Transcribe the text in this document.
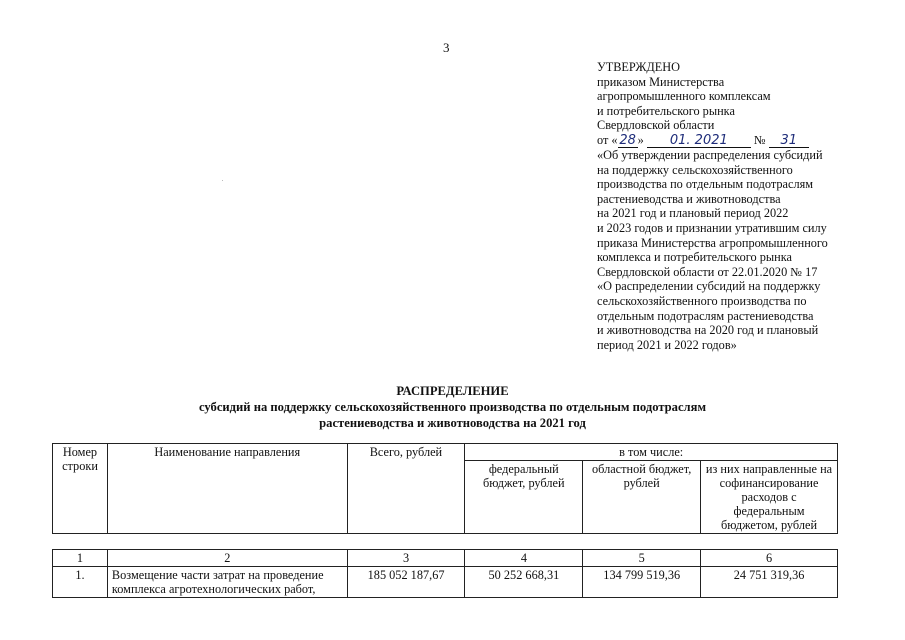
3
УТВЕРЖДЕНО
приказом Министерства
агропромышленного комплексам
и потребительского рынка
Свердловской области
от « 28 » 01. 2021 № 31
«Об утверждении распределения субсидий
на поддержку сельскохозяйственного
производства по отдельным подотраслям
растениеводства и животноводства
на 2021 год и плановый период 2022
и 2023 годов и признании утратившим силу
приказа Министерства агропромышленного
комплекса и потребительского рынка
Свердловской области от 22.01.2020 № 17
«О распределении субсидий на поддержку
сельскохозяйственного производства по
отдельным подотраслям растениеводства
и животноводства на 2020 год и плановый
период 2021 и 2022 годов»
РАСПРЕДЕЛЕНИЕ
субсидий на поддержку сельскохозяйственного производства по отдельным подотраслям
растениеводства и животноводства на 2021 год
Номер строки	Наименование направления	Всего, рублей	в том числе:		
			федеральный бюджет, рублей	областной бюджет, рублей	из них направленные на софинансирование расходов с федеральным бюджетом, рублей
1	2	3	4	5	6
1.	Возмещение части затрат на проведение комплекса агротехнологических работ,	185 052 187,67	50 252 668,31	134 799 519,36	24 751 319,36
